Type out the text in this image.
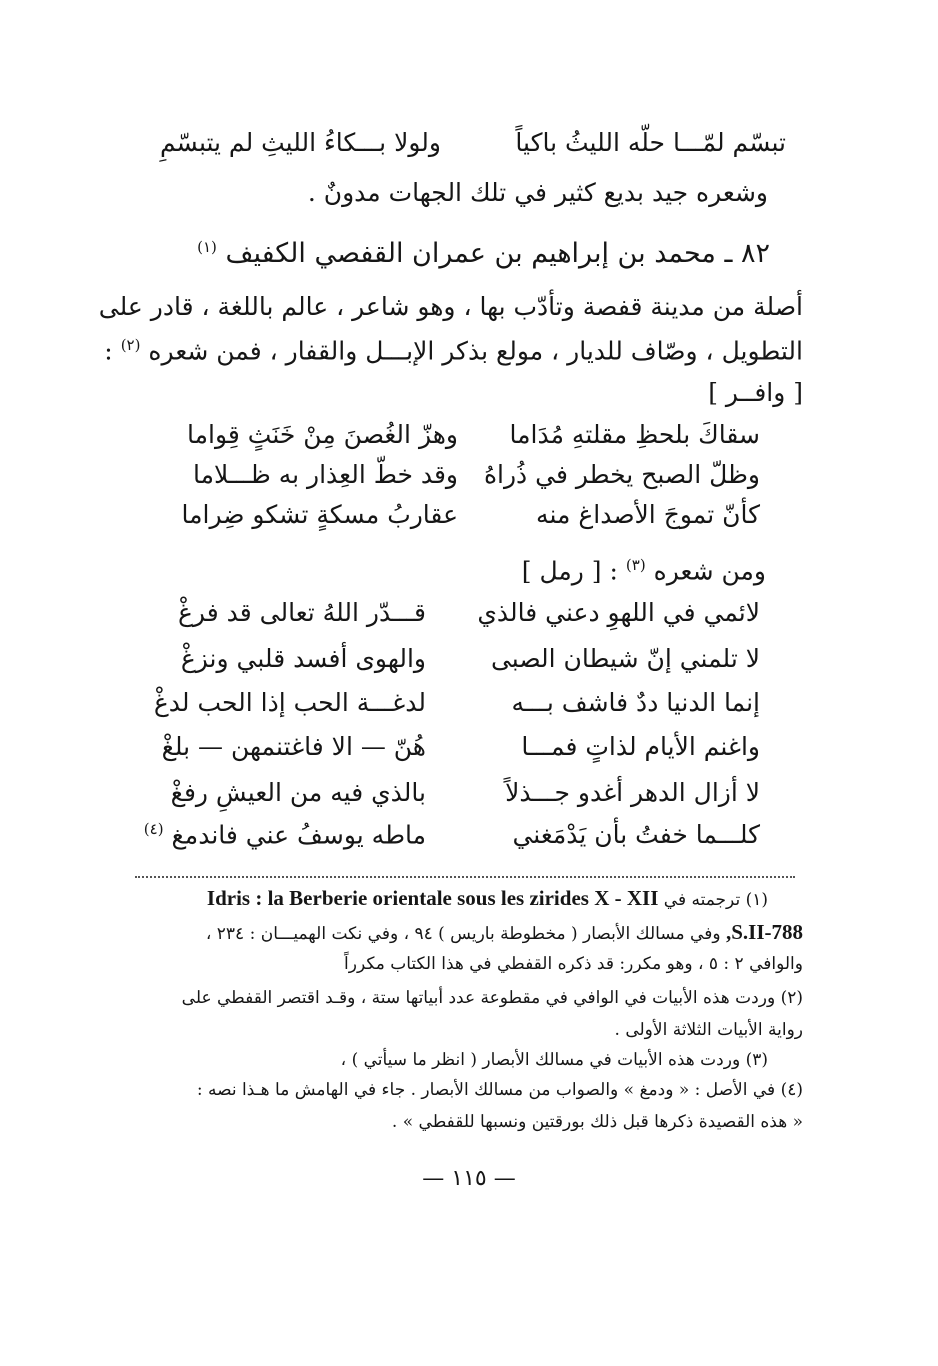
تبسّم لمّـــا حلّه الليثُ باكياً
ولولا بـــكاءُ الليثِ لم يتبسّمِ
وشعره جيد بديع كثير في تلك الجهات مدونٌ .
٨٢ ـ محمد بن إبراهيم بن عمران القفصي الكفيف $^{(١)}$
أصلة من مدينة قفصة وتأدّب بها ، وهو شاعر ، عالم باللغة ، قادر على
التطويل ، وصّاف للديار ، مولع بذكر الإبـــل والقفار ، فمن شعره $^{(٢)}$ :
[ وافــر ]
سقاكَ بلحظِ مقلتهِ مُدَاما
وهزّ الغُصنَ مِنْ خَنَثٍ قِواما
وظلّ الصبح يخطر في ذُراهُ
وقد خطّ العِذار به ظـــلاما
كأنّ تموجَ الأصداغ منه
عقاربُ مسكةٍ تشكو ضِراما
ومن شعره $^{(٣)}$ : [ رمل ]
لائمي في اللهوِ دعني فالذي
قـــدّر اللهُ تعالى قد فرغْ
لا تلمني إنّ شيطان الصبى
والهوى أفسد قلبي ونزغْ
إنما الدنيا ددٌ فاشف بـــه
لدغـــة الحب إذا الحب لدغْ
واغنم الأيام لذاتٍ فمـــا
هُنّ — الا فاغتنمهن — بلغْ
لا أزال الدهر أغدو جـــذلاً
بالذي فيه من العيشِ رفغْ
كلـــما خفتُ بأن يَدْمَغني
ماطه يوسفُ عني فاندمغ $^{(٤)}$
(١) ترجمته في Idris : la Berberie orientale sous les zirides X - XII
S.II-788, وفي مسالك الأبصار ( مخطوطة باريس ) ٩٤ ، وفي نكت الهميـــان : ٢٣٤ ،
والوافي ٢ : ٥ ، وهو مكرر: قد ذكره القفطي في هذا الكتاب مكرراً
(٢) وردت هذه الأبيات في الوافي في مقطوعة عدد أبياتها ستة ، وقـد اقتصر القفطي على
رواية الأبيات الثلاثة الأولى .
(٣) وردت هذه الأبيات في مسالك الأبصار ( انظر ما سيأتي ) ،
(٤) في الأصل : « ودمغ » والصواب من مسالك الأبصار . جاء في الهامش ما هـذا نصه :
« هذه القصيدة ذكرها قبل ذلك بورقتين ونسبها للقفطي » .
— ١١٥ —
